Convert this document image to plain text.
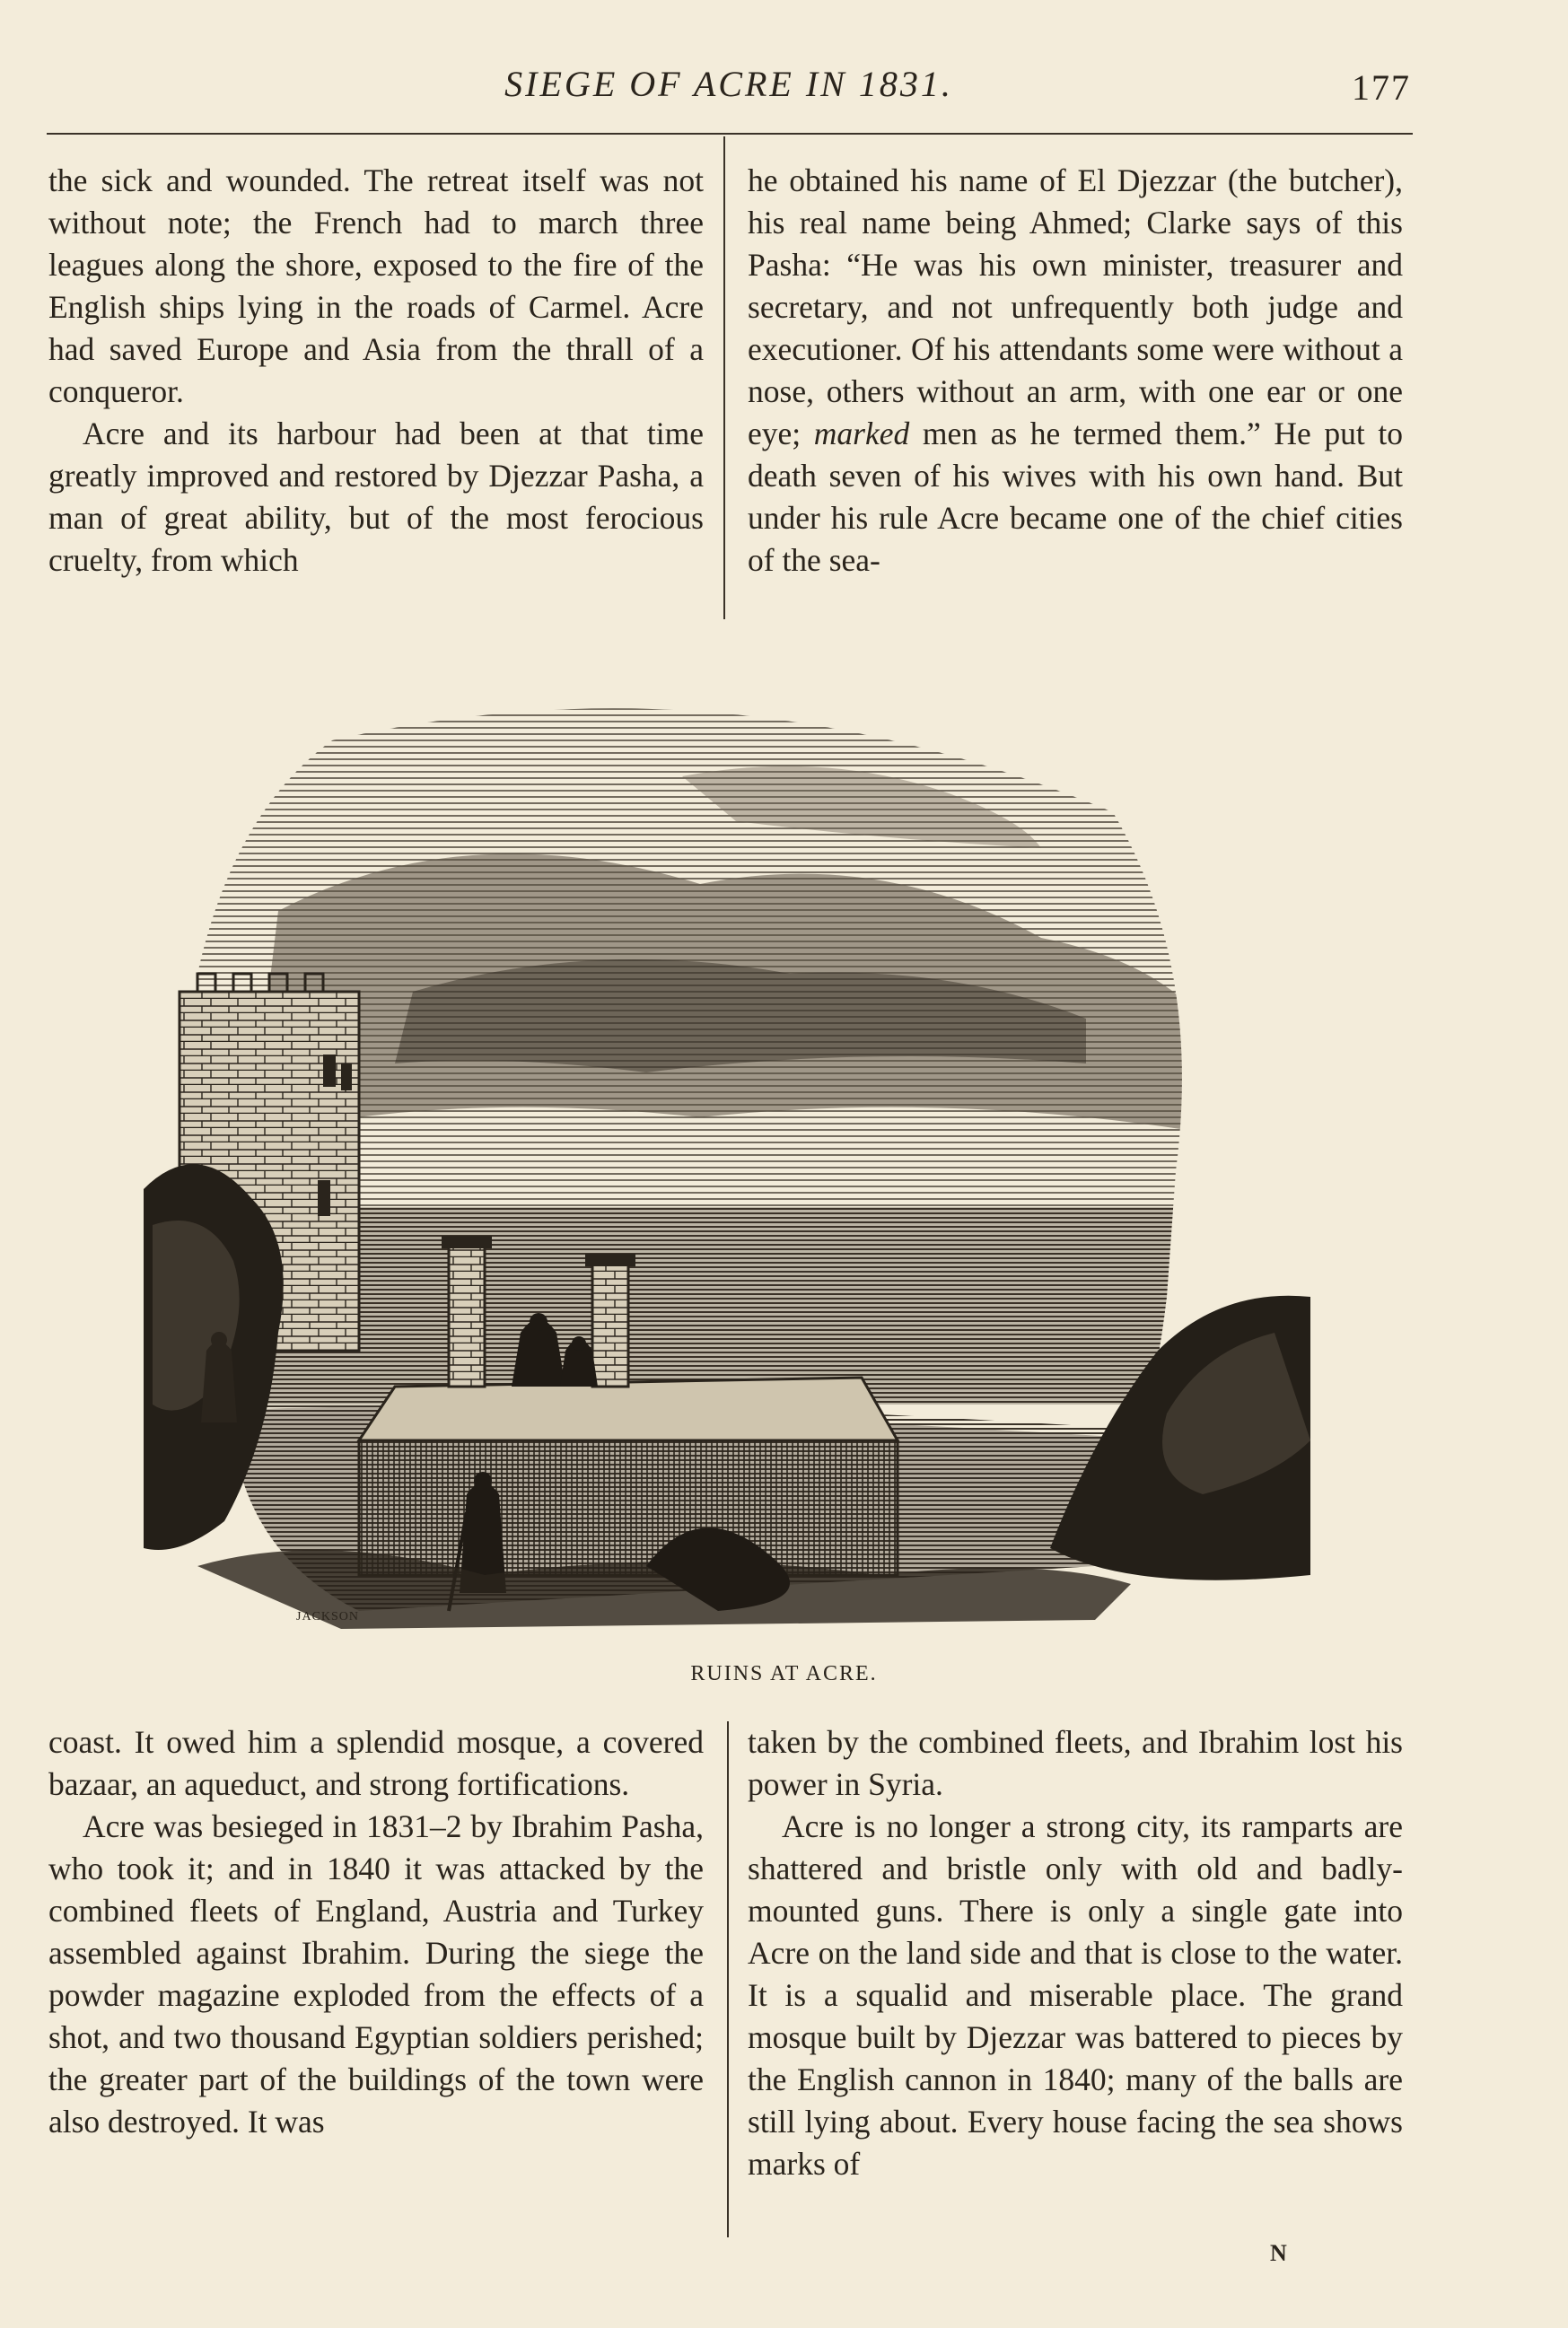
SIEGE OF ACRE IN 1831.	177

the sick and wounded. The retreat itself was not without note; the French had to march three leagues along the shore, exposed to the fire of the English ships lying in the roads of Carmel. Acre had saved Europe and Asia from the thrall of a conqueror.

Acre and its harbour had been at that time greatly improved and restored by Djezzar Pasha, a man of great ability, but of the most ferocious cruelty, from which

he obtained his name of El Djezzar (the butcher), his real name being Ahmed; Clarke says of this Pasha: “He was his own minister, treasurer and secretary, and not unfrequently both judge and executioner. Of his attendants some were without a nose, others without an arm, with one ear or one eye; marked men as he termed them.” He put to death seven of his wives with his own hand. But under his rule Acre became one of the chief cities of the sea-

JACKSON
RUINS AT ACRE.

coast. It owed him a splendid mosque, a covered bazaar, an aqueduct, and strong fortifications.

Acre was besieged in 1831–2 by Ibrahim Pasha, who took it; and in 1840 it was attacked by the combined fleets of England, Austria and Turkey assembled against Ibrahim. During the siege the powder magazine exploded from the effects of a shot, and two thousand Egyptian soldiers perished; the greater part of the buildings of the town were also destroyed. It was

taken by the combined fleets, and Ibrahim lost his power in Syria.

Acre is no longer a strong city, its ramparts are shattered and bristle only with old and badly-mounted guns. There is only a single gate into Acre on the land side and that is close to the water. It is a squalid and miserable place. The grand mosque built by Djezzar was battered to pieces by the English cannon in 1840; many of the balls are still lying about. Every house facing the sea shows marks of

N
